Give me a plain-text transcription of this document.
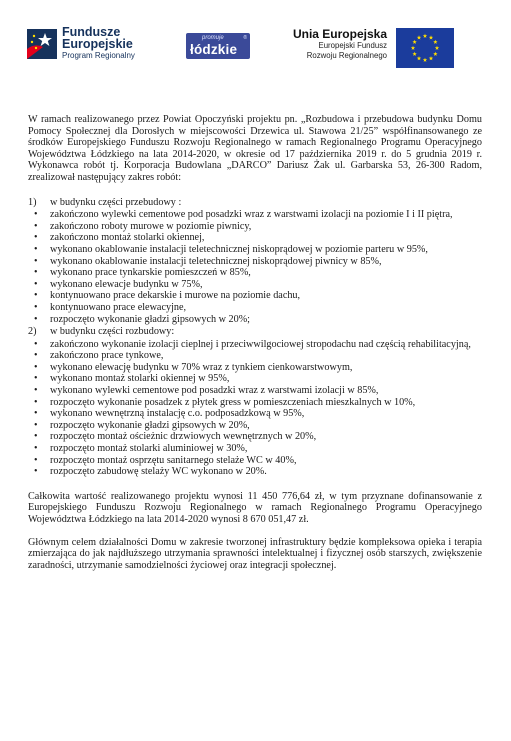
Fundusze
Europejskie
Program Regionalny
promuje
łódzkie
®	Unia Europejska
Europejski Fundusz
Rozwoju Regionalnego

W ramach realizowanego przez Powiat Opoczyński projektu pn. „Rozbudowa i przebudowa budynku Domu Pomocy Społecznej dla Dorosłych w miejscowości Drzewica ul. Stawowa 21/25” współfinansowanego ze środków Europejskiego Funduszu Rozwoju Regionalnego w ramach Regionalnego Programu Operacyjnego Województwa Łódzkiego na lata 2014-2020, w okresie od 17 października 2019 r. do 5 grudnia 2019 r. Wykonawca robót tj. Korporacja Budowlana „DARCO” Dariusz Żak ul. Garbarska 53, 26-300 Radom, zrealizował następujący zakres robót:

1) w budynku części przebudowy :

• zakończono wylewki cementowe pod posadzki wraz z warstwami izolacji na poziomie I i II piętra,
• zakończono roboty murowe w poziomie piwnicy,
• zakończono montaż stolarki okiennej,
• wykonano okablowanie instalacji teletechnicznej niskoprądowej w poziomie parteru w 95%,
• wykonano okablowanie instalacji teletechnicznej niskoprądowej piwnicy w 85%,
• wykonano prace tynkarskie pomieszczeń w 85%,
• wykonano elewacje budynku w 75%,
• kontynuowano prace dekarskie i murowe na poziomie dachu,
• kontynuowano prace elewacyjne,
• rozpoczęto wykonanie gładzi gipsowych w 20%;

2) w budynku części rozbudowy:

• zakończono wykonanie izolacji cieplnej i przeciwwilgociowej stropodachu nad częścią rehabilitacyjną,
• zakończono prace tynkowe,
• wykonano elewację budynku w 70% wraz z tynkiem cienkowarstwowym,
• wykonano montaż stolarki okiennej w 95%,
• wykonano wylewki cementowe pod posadzki wraz z warstwami izolacji w 85%,
• rozpoczęto wykonanie posadzek z płytek gress w pomieszczeniach mieszkalnych w 10%,
• wykonano wewnętrzną instalację c.o. podposadzkową w 95%,
• rozpoczęto wykonanie gładzi gipsowych w 20%,
• rozpoczęto montaż ościeżnic drzwiowych wewnętrznych w 20%,
• rozpoczęto montaż stolarki aluminiowej w 30%,
• rozpoczęto montaż osprzętu sanitarnego stelaże WC w 40%,
• rozpoczęto zabudowę stelaży WC wykonano w 20%.

Całkowita wartość realizowanego projektu wynosi 11 450 776,64 zł, w tym przyznane dofinansowanie z Europejskiego Funduszu Rozwoju Regionalnego w ramach Regionalnego Programu Operacyjnego Województwa Łódzkiego na lata 2014-2020 wynosi 8 670 051,47 zł.

Głównym celem działalności Domu w zakresie tworzonej infrastruktury będzie kompleksowa opieka i terapia zmierzająca do jak najdłuższego utrzymania sprawności intelektualnej i fizycznej osób starszych, zwiększenie zaradności, utrzymanie samodzielności życiowej oraz integracji społecznej.
